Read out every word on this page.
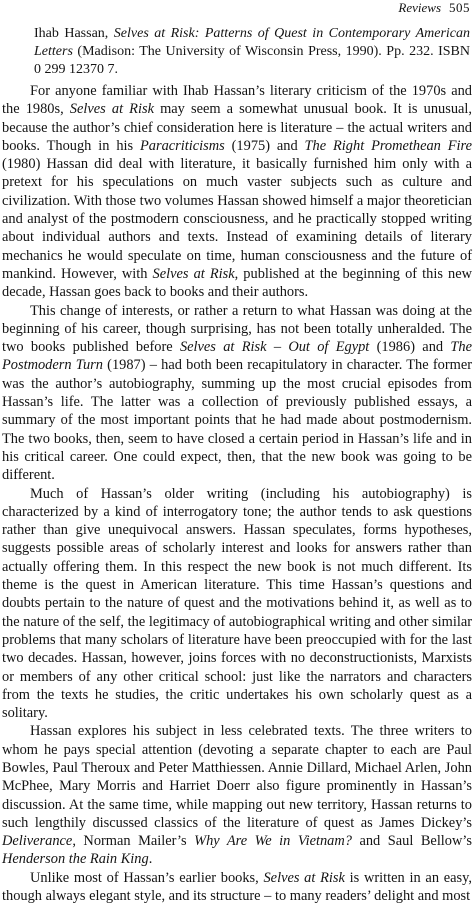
Reviews 505
Ihab Hassan, Selves at Risk: Patterns of Quest in Contemporary American Letters (Madison: The University of Wisconsin Press, 1990). Pp. 232. ISBN 0 299 12370 7.

For anyone familiar with Ihab Hassan’s literary criticism of the 1970s and the 1980s, Selves at Risk may seem a somewhat unusual book. It is unusual, because the author’s chief consideration here is literature – the actual writers and books. Though in his Paracriticisms (1975) and The Right Promethean Fire (1980) Hassan did deal with literature, it basically furnished him only with a pretext for his speculations on much vaster subjects such as culture and civilization. With those two volumes Hassan showed himself a major theoretician and analyst of the postmodern consciousness, and he practically stopped writing about individual authors and texts. Instead of examining details of literary mechanics he would speculate on time, human consciousness and the future of mankind. However, with Selves at Risk, published at the beginning of this new decade, Hassan goes back to books and their authors.

This change of interests, or rather a return to what Hassan was doing at the beginning of his career, though surprising, has not been totally unheralded. The two books published before Selves at Risk – Out of Egypt (1986) and The Postmodern Turn (1987) – had both been recapitulatory in character. The former was the author’s autobiography, summing up the most crucial episodes from Hassan’s life. The latter was a collection of previously published essays, a summary of the most important points that he had made about postmodernism. The two books, then, seem to have closed a certain period in Hassan’s life and in his critical career. One could expect, then, that the new book was going to be different.

Much of Hassan’s older writing (including his autobiography) is characterized by a kind of interrogatory tone; the author tends to ask questions rather than give unequivocal answers. Hassan speculates, forms hypotheses, suggests possible areas of scholarly interest and looks for answers rather than actually offering them. In this respect the new book is not much different. Its theme is the quest in American literature. This time Hassan’s questions and doubts pertain to the nature of quest and the motivations behind it, as well as to the nature of the self, the legitimacy of autobiographical writing and other similar problems that many scholars of literature have been preoccupied with for the last two decades. Hassan, however, joins forces with no deconstructionists, Marxists or members of any other critical school: just like the narrators and characters from the texts he studies, the critic undertakes his own scholarly quest as a solitary.

Hassan explores his subject in less celebrated texts. The three writers to whom he pays special attention (devoting a separate chapter to each are Paul Bowles, Paul Theroux and Peter Matthiessen. Annie Dillard, Michael Arlen, John McPhee, Mary Morris and Harriet Doerr also figure prominently in Hassan’s discussion. At the same time, while mapping out new territory, Hassan returns to such lengthily discussed classics of the literature of quest as James Dickey’s Deliverance, Norman Mailer’s Why Are We in Vietnam? and Saul Bellow’s Henderson the Rain King.

Unlike most of Hassan’s earlier books, Selves at Risk is written in an easy, though always elegant style, and its structure – to many readers’ delight and most
